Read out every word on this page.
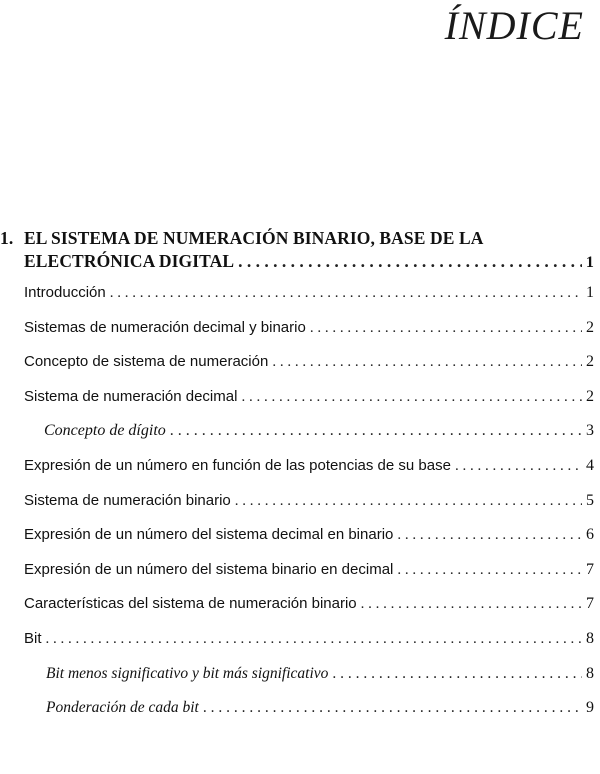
ÍNDICE
1. EL SISTEMA DE NUMERACIÓN BINARIO, BASE DE LA
ELECTRÓNICA DIGITAL . . .	1
Introducción . . .	1
Sistemas de numeración decimal y binario . . .	2
Concepto de sistema de numeración . . .	2
Sistema de numeración decimal . . .	2
Concepto de dígito . . .	3
Expresión de un número en función de las potencias de su base . . .	4
Sistema de numeración binario . . .	5
Expresión de un número del sistema decimal en binario . . .	6
Expresión de un número del sistema binario en decimal . . .	7
Características del sistema de numeración binario . . .	7
Bit . . .	8
Bit menos significativo y bit más significativo . . .	8
Ponderación de cada bit . . .	9
